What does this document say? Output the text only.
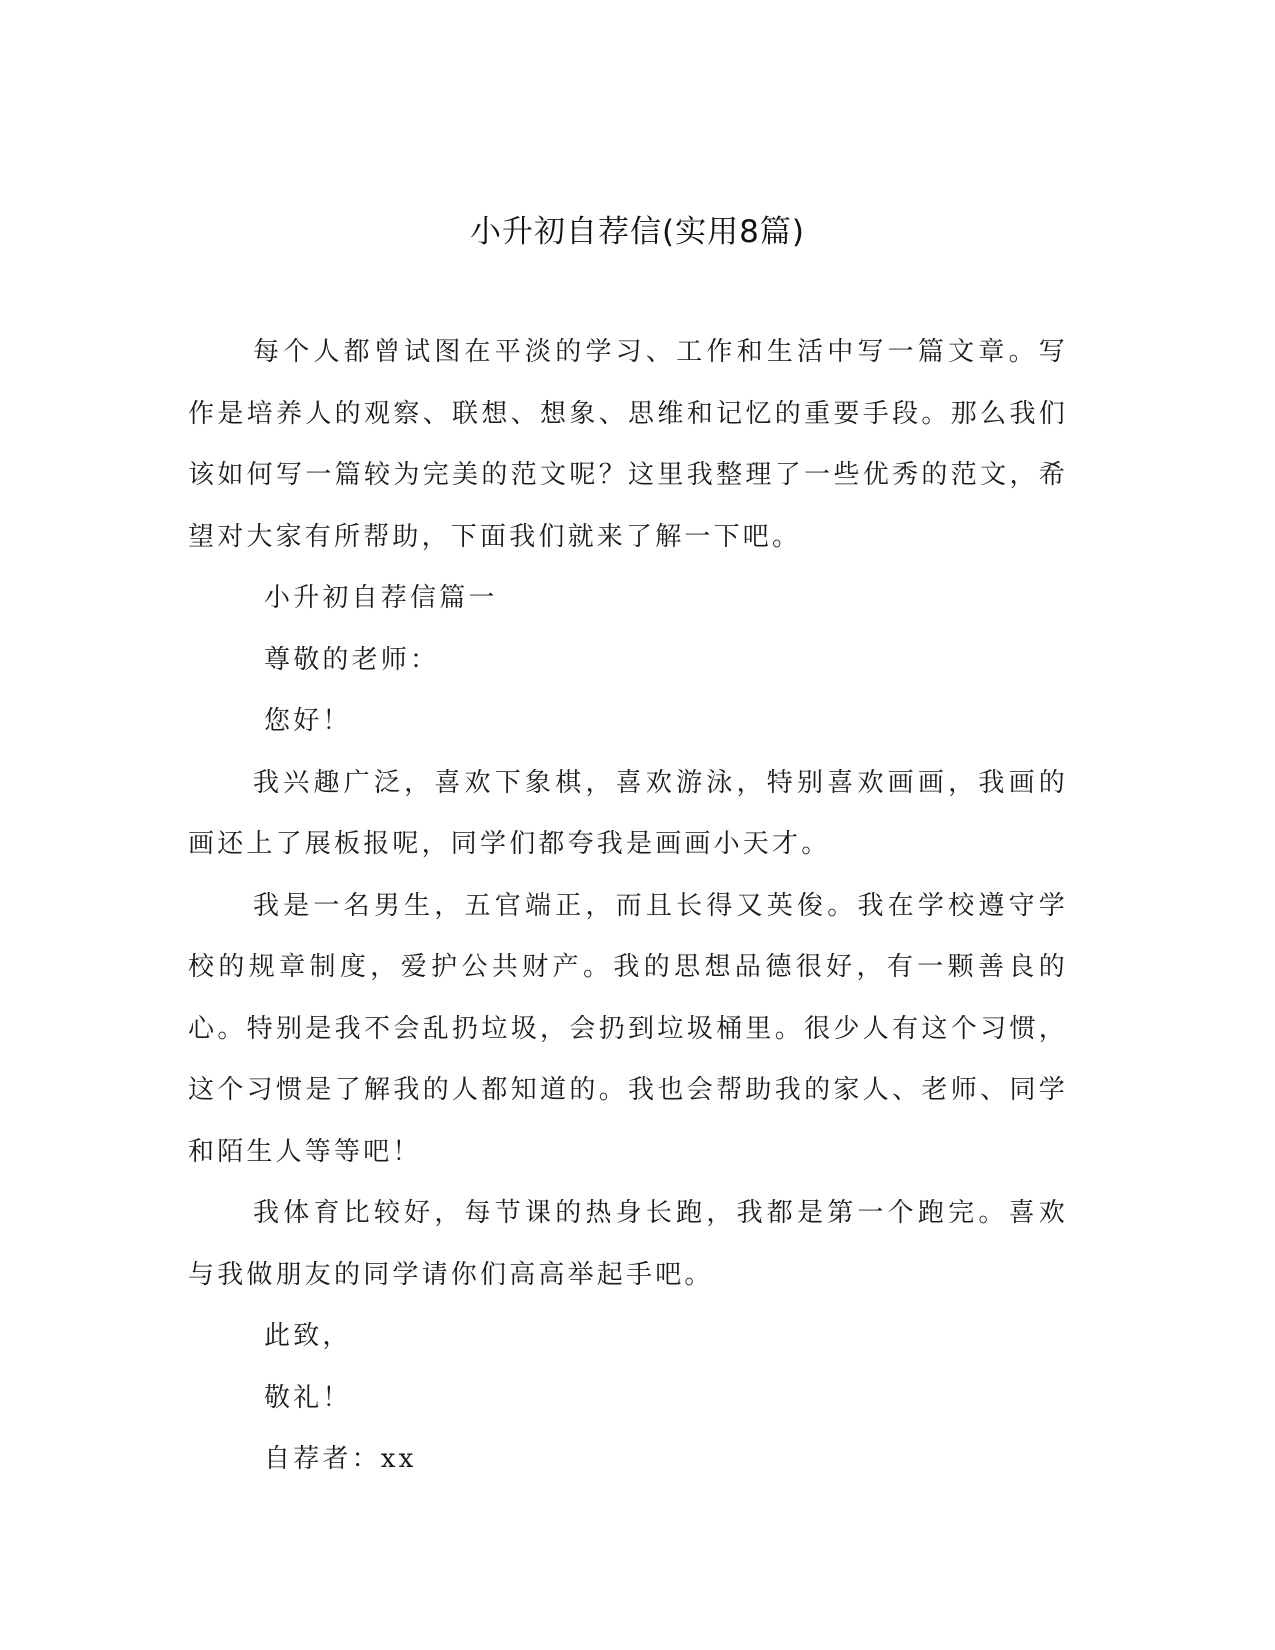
小升初自荐信(实用8篇)

每个人都曾试图在平淡的学习、工作和生活中写一篇文章。写作是培养人的观察、联想、想象、思维和记忆的重要手段。那么我们该如何写一篇较为完美的范文呢？这里我整理了一些优秀的范文，希望对大家有所帮助，下面我们就来了解一下吧。

小升初自荐信篇一

尊敬的老师：

您好！

我兴趣广泛，喜欢下象棋，喜欢游泳，特别喜欢画画，我画的画还上了展板报呢，同学们都夸我是画画小天才。

我是一名男生，五官端正，而且长得又英俊。我在学校遵守学校的规章制度，爱护公共财产。我的思想品德很好，有一颗善良的心。特别是我不会乱扔垃圾，会扔到垃圾桶里。很少人有这个习惯，这个习惯是了解我的人都知道的。我也会帮助我的家人、老师、同学和陌生人等等吧！

我体育比较好，每节课的热身长跑，我都是第一个跑完。喜欢与我做朋友的同学请你们高高举起手吧。

此致，

敬礼！

自荐者：xx
